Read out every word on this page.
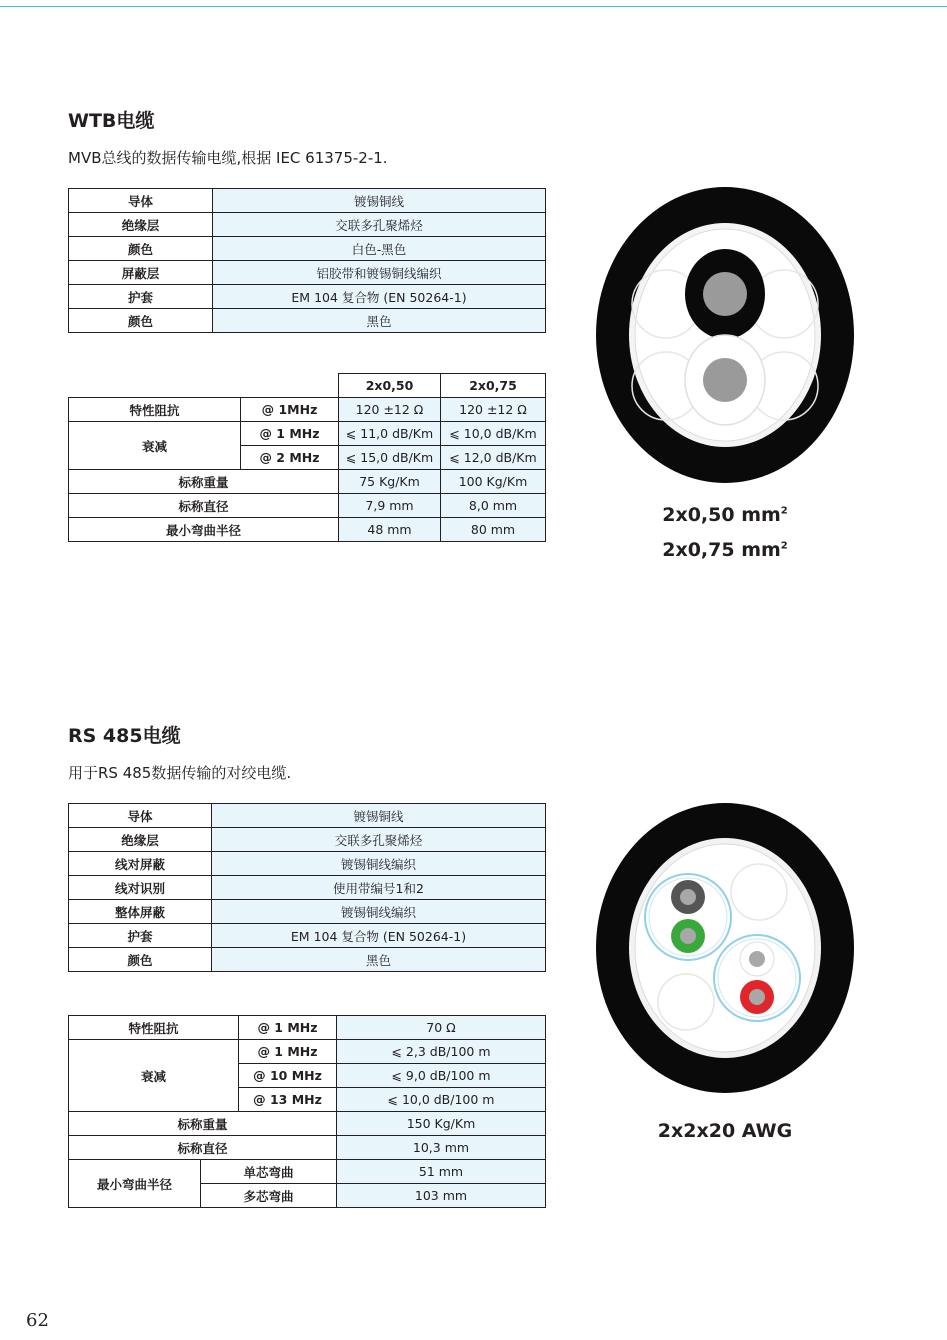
WTB电缆
MVB总线的数据传输电缆,根据 IEC 61375-2-1.
导体	镀锡铜线
绝缘层	交联多孔聚烯烃
颜色	白色-黑色
屏蔽层	铝胶带和镀锡铜线编织
护套	EM 104 复合物 (EN 50264-1)
颜色	黑色
		2x0,50	2x0,75
特性阻抗	@ 1MHz	120 ±12 Ω	120 ±12 Ω
衰减	@ 1 MHz	⩽ 11,0 dB/Km	⩽ 10,0 dB/Km
	@ 2 MHz	⩽ 15,0 dB/Km	⩽ 12,0 dB/Km
标称重量		75 Kg/Km	100 Kg/Km
标称直径		7,9 mm	8,0 mm
最小弯曲半径		48 mm	80 mm
2x0,50 $mm^2$
2x0,75 $mm^2$
RS 485电缆
用于RS 485数据传输的对绞电缆.
导体	镀锡铜线
绝缘层	交联多孔聚烯烃
线对屏蔽	镀锡铜线编织
线对识别	使用带编号1和2
整体屏蔽	镀锡铜线编织
护套	EM 104 复合物 (EN 50264-1)
颜色	黑色
特性阻抗		@ 1 MHz	70 Ω
衰减		@ 1 MHz	⩽ 2,3 dB/100 m
		@ 10 MHz	⩽ 9,0 dB/100 m
		@ 13 MHz	⩽ 10,0 dB/100 m
标称重量			150 Kg/Km
标称直径			10,3 mm
最小弯曲半径	单芯弯曲		51 mm
	多芯弯曲		103 mm
2x2x20 AWG
62
